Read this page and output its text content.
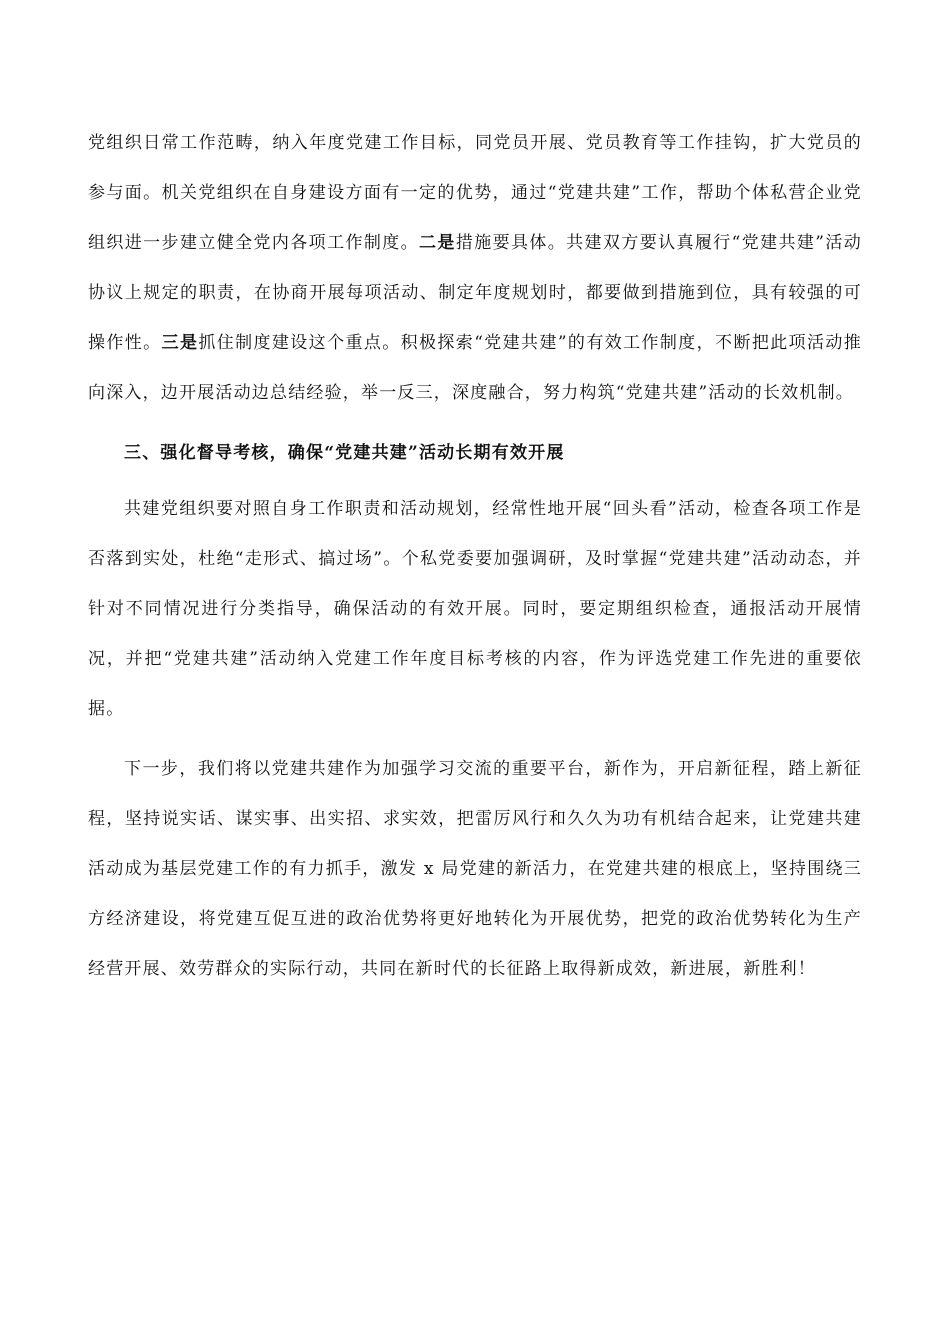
党组织日常工作范畴，纳入年度党建工作目标，同党员开展、党员教育等工作挂钩，扩大党员的参与面。机关党组织在自身建设方面有一定的优势，通过“党建共建”工作，帮助个体私营企业党组织进一步建立健全党内各项工作制度。二是措施要具体。共建双方要认真履行“党建共建”活动协议上规定的职责，在协商开展每项活动、制定年度规划时，都要做到措施到位，具有较强的可操作性。三是抓住制度建设这个重点。积极探索“党建共建”的有效工作制度，不断把此项活动推向深入，边开展活动边总结经验，举一反三，深度融合，努力构筑“党建共建”活动的长效机制。

三、强化督导考核，确保“党建共建”活动长期有效开展

共建党组织要对照自身工作职责和活动规划，经常性地开展“回头看”活动，检查各项工作是否落到实处，杜绝“走形式、搞过场”。个私党委要加强调研，及时掌握“党建共建”活动动态，并针对不同情况进行分类指导，确保活动的有效开展。同时，要定期组织检查，通报活动开展情况，并把“党建共建”活动纳入党建工作年度目标考核的内容，作为评选党建工作先进的重要依据。

下一步，我们将以党建共建作为加强学习交流的重要平台，新作为，开启新征程，踏上新征程，坚持说实话、谋实事、出实招、求实效，把雷厉风行和久久为功有机结合起来，让党建共建活动成为基层党建工作的有力抓手，激发 x 局党建的新活力，在党建共建的根底上，坚持围绕三方经济建设，将党建互促互进的政治优势将更好地转化为开展优势，把党的政治优势转化为生产经营开展、效劳群众的实际行动，共同在新时代的长征路上取得新成效，新进展，新胜利！
